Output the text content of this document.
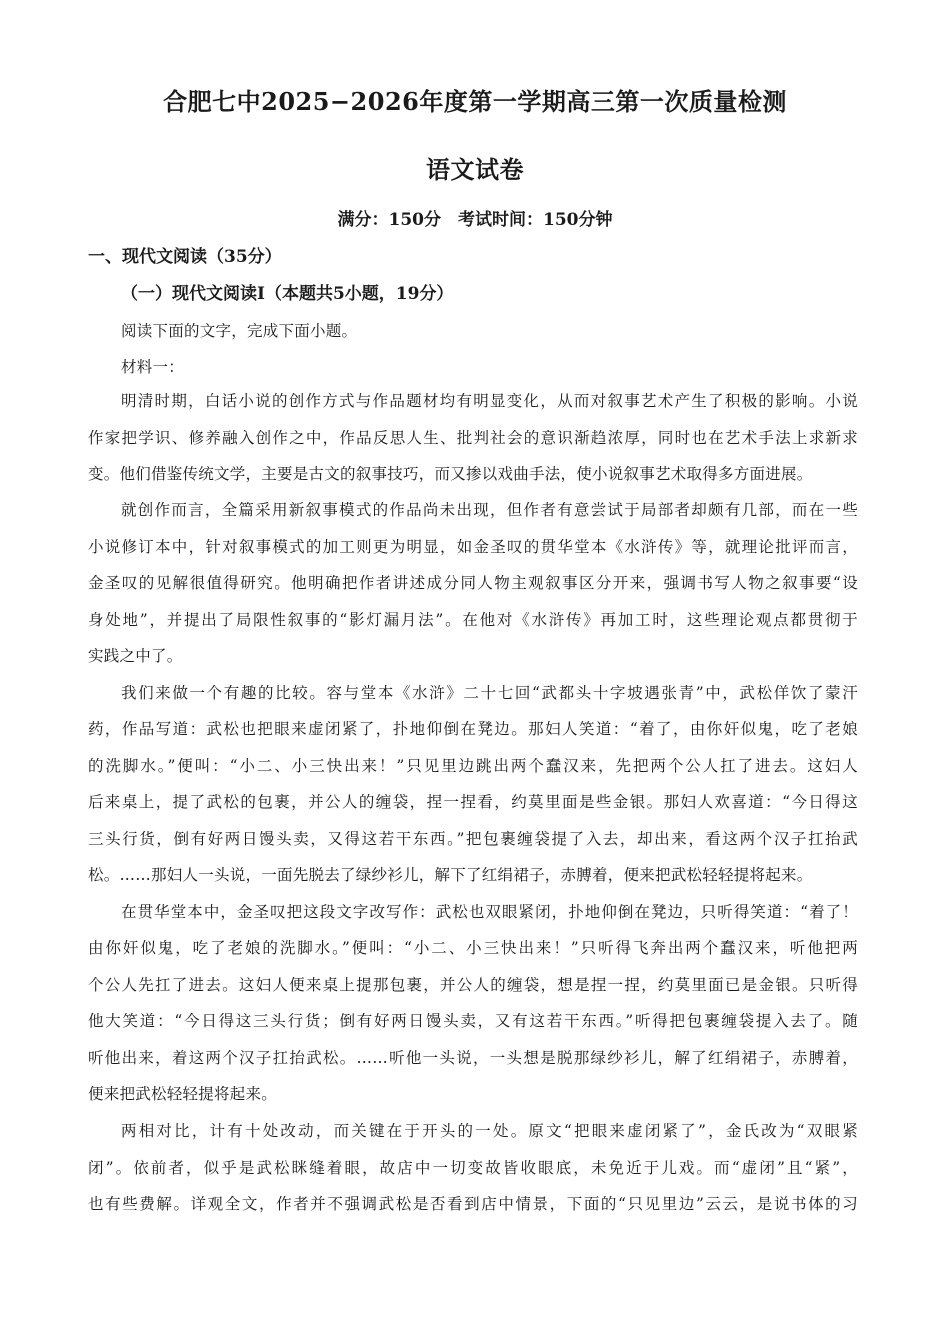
合肥七中2025−2026年度第一学期高三第一次质量检测
语文试卷
满分：150分　考试时间：150分钟
一、现代文阅读（35分）
（一）现代文阅读Ⅰ（本题共5小题，19分）
阅读下面的文字，完成下面小题。
材料一：
明清时期，白话小说的创作方式与作品题材均有明显变化，从而对叙事艺术产生了积极的影响。小说
作家把学识、修养融入创作之中，作品反思人生、批判社会的意识渐趋浓厚，同时也在艺术手法上求新求
变。他们借鉴传统文学，主要是古文的叙事技巧，而又掺以戏曲手法，使小说叙事艺术取得多方面进展。
就创作而言，全篇采用新叙事模式的作品尚未出现，但作者有意尝试于局部者却颇有几部，而在一些
小说修订本中，针对叙事模式的加工则更为明显，如金圣叹的贯华堂本《水浒传》等，就理论批评而言，
金圣叹的见解很值得研究。他明确把作者讲述成分同人物主观叙事区分开来，强调书写人物之叙事要“设
身处地”，并提出了局限性叙事的“影灯漏月法”。在他对《水浒传》再加工时，这些理论观点都贯彻于
实践之中了。
我们来做一个有趣的比较。容与堂本《水浒》二十七回“武都头十字坡遇张青”中，武松佯饮了蒙汗
药，作品写道：武松也把眼来虚闭紧了，扑地仰倒在凳边。那妇人笑道：“着了，由你奸似鬼，吃了老娘
的洗脚水。”便叫：“小二、小三快出来！”只见里边跳出两个蠢汉来，先把两个公人扛了进去。这妇人
后来桌上，提了武松的包裹，并公人的缠袋，捏一捏看，约莫里面是些金银。那妇人欢喜道：“今日得这
三头行货，倒有好两日馒头卖，又得这若干东西。”把包裹缠袋提了入去，却出来，看这两个汉子扛抬武
松。……那妇人一头说，一面先脱去了绿纱衫儿，解下了红绢裙子，赤膊着，便来把武松轻轻提将起来。
在贯华堂本中，金圣叹把这段文字改写作：武松也双眼紧闭，扑地仰倒在凳边，只听得笑道：“着了！
由你奸似鬼，吃了老娘的洗脚水。”便叫：“小二、小三快出来！”只听得飞奔出两个蠢汉来，听他把两
个公人先扛了进去。这妇人便来桌上提那包裹，并公人的缠袋，想是捏一捏，约莫里面已是金银。只听得
他大笑道：“今日得这三头行货；倒有好两日馒头卖，又有这若干东西。”听得把包裹缠袋提入去了。随
听他出来，着这两个汉子扛抬武松。……听他一头说，一头想是脱那绿纱衫儿，解了红绢裙子，赤膊着，
便来把武松轻轻提将起来。
两相对比，计有十处改动，而关键在于开头的一处。原文“把眼来虚闭紧了”，金氏改为“双眼紧
闭”。依前者，似乎是武松眯缝着眼，故店中一切变故皆收眼底，未免近于儿戏。而“虚闭”且“紧”，
也有些费解。详观全文，作者并不强调武松是否看到店中情景，下面的“只见里边”云云，是说书体的习
